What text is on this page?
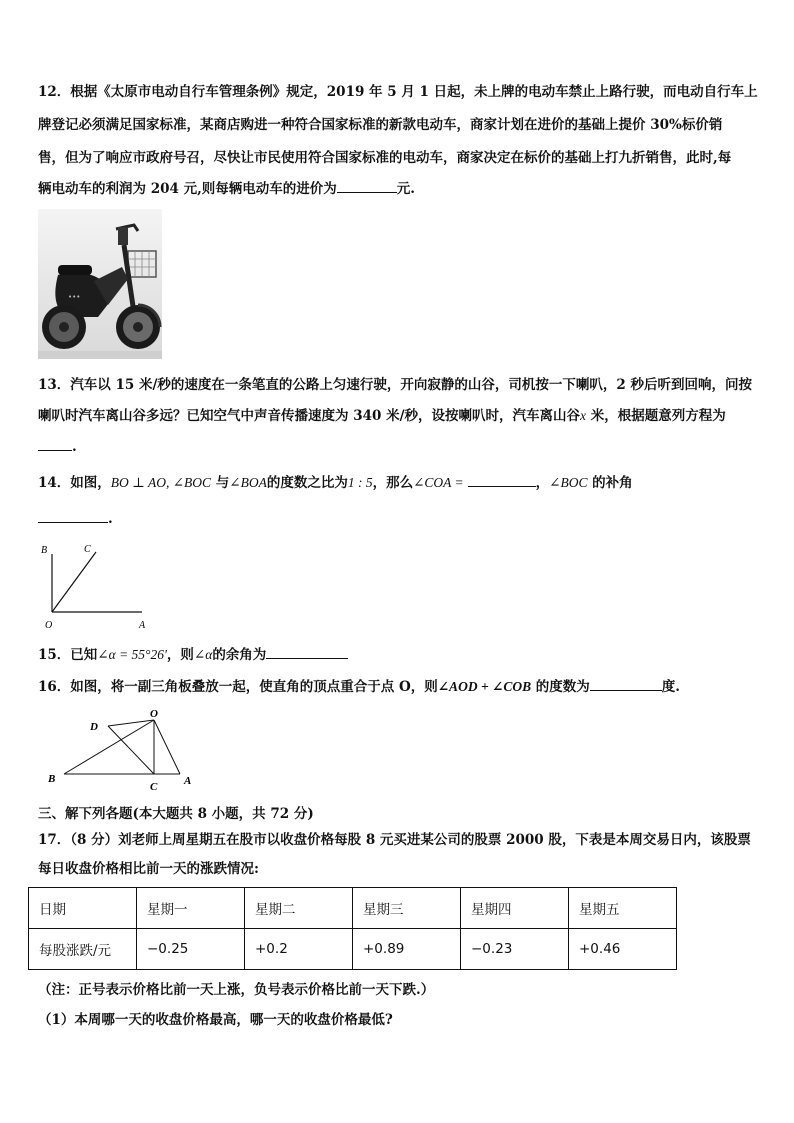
12．根据《太原市电动自行车管理条例》规定，2019 年 5 月 1 日起，未上牌的电动车禁止上路行驶，而电动自行车上
牌登记必须满足国家标准，某商店购进一种符合国家标准的新款电动车，商家计划在进价的基础上提价 30%标价销
售，但为了响应市政府号召，尽快让市民使用符合国家标准的电动车，商家决定在标价的基础上打九折销售，此时,每
辆电动车的利润为 204 元,则每辆电动车的进价为	元.
•••
13．汽车以 15 米/秒的速度在一条笔直的公路上匀速行驶，开向寂静的山谷，司机按一下喇叭，2 秒后听到回响，问按
喇叭时汽车离山谷多远？已知空气中声音传播速度为 340 米/秒，设按喇叭时，汽车离山谷x 米，根据题意列方程为
.
14．如图，BO ⊥ AO, ∠BOC 与∠BOA的度数之比为1 : 5，那么∠COA =	，∠BOC 的补角
.
B	C
O	A
15．已知∠α = 55°26′，则∠α的余角为
16．如图，将一副三角板叠放一起，使直角的顶点重合于点 O，则∠AOD + ∠COB 的度数为	度.
O
D
B
C A
三、解下列各题(本大题共 8 小题，共 72 分)
17．（8 分）刘老师上周星期五在股市以收盘价格每股 8 元买进某公司的股票 2000 股，下表是本周交易日内，该股票
每日收盘价格相比前一天的涨跌情况:
日期	星期一	星期二	星期三	星期四	星期五
每股涨跌/元	−0.25	+0.2	+0.89	−0.23	+0.46
（注：正号表示价格比前一天上涨，负号表示价格比前一天下跌.）
（1）本周哪一天的收盘价格最高，哪一天的收盘价格最低?
